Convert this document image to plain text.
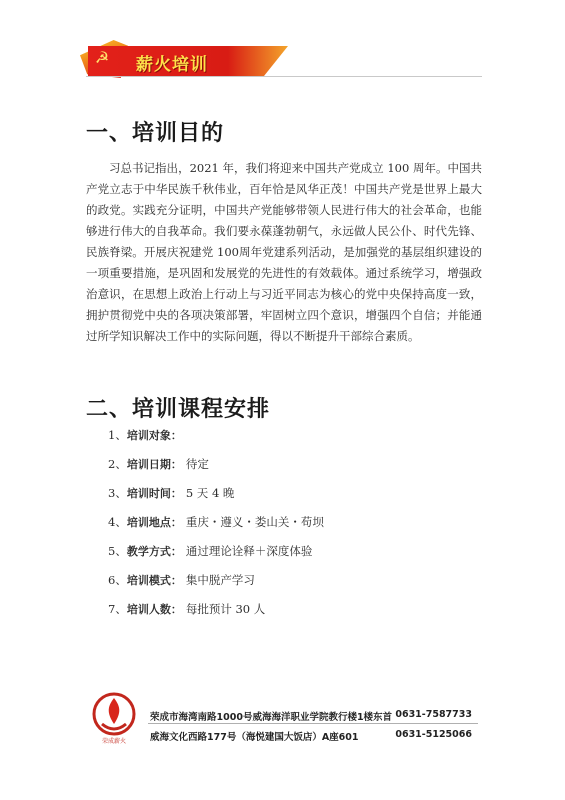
☭ 薪火培训
一、培训目的

习总书记指出，2021 年，我们将迎来中国共产党成立 100 周年。中国共产党立志于中华民族千秋伟业，百年恰是风华正茂！中国共产党是世界上最大的政党。实践充分证明，中国共产党能够带领人民进行伟大的社会革命，也能够进行伟大的自我革命。我们要永葆蓬勃朝气，永远做人民公仆、时代先锋、民族脊梁。开展庆祝建党 100周年党建系列活动，是加强党的基层组织建设的一项重要措施，是巩固和发展党的先进性的有效载体。通过系统学习，增强政治意识，在思想上政治上行动上与习近平同志为核心的党中央保持高度一致，拥护贯彻党中央的各项决策部署，牢固树立四个意识，增强四个自信；并能通过所学知识解决工作中的实际问题，得以不断提升干部综合素质。

二、培训课程安排
1、培训对象：
2、培训日期： 待定
3、培训时间： 5 天 4 晚
4、培训地点： 重庆・遵义・娄山关・苟坝
5、教学方式： 通过理论诠释＋深度体验
6、培训模式： 集中脱产学习
7、培训人数： 每批预计 30 人
荣成薪火
荣成市海湾南路1000号威海海洋职业学院教行楼1楼东首 0631-7587733
威海文化西路177号（海悦建国大饭店）A座601	0631-5125066
